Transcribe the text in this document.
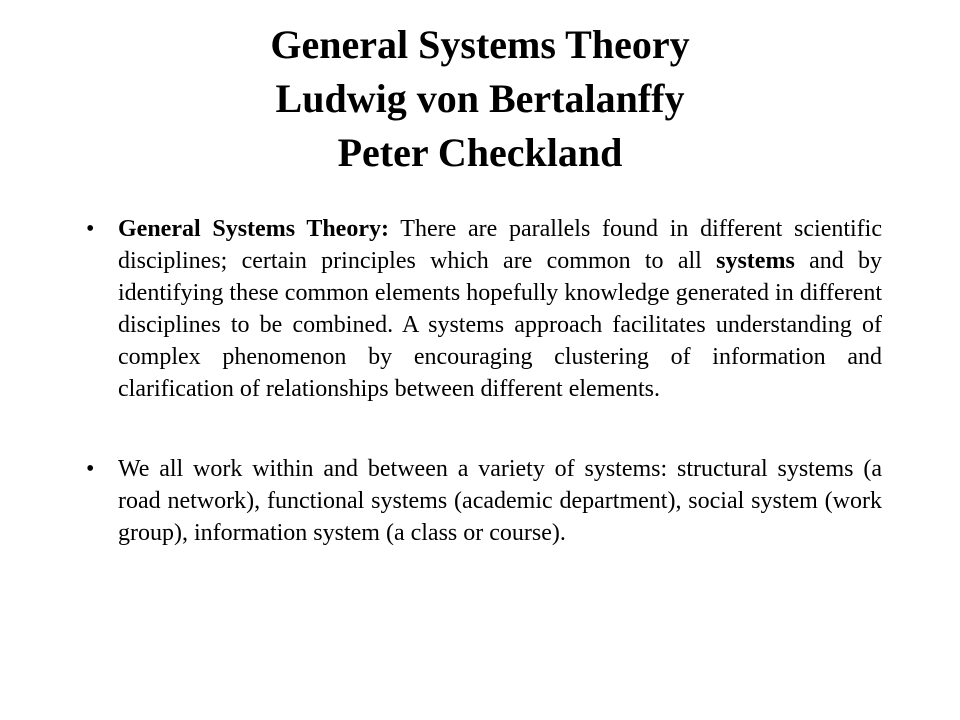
General Systems Theory
Ludwig von Bertalanffy
Peter Checkland
• General Systems Theory: There are parallels found in different scientific disciplines; certain principles which are common to all systems and by identifying these common elements hopefully knowledge generated in different disciplines to be combined. A systems approach facilitates understanding of complex phenomenon by encouraging clustering of information and clarification of relationships between different elements.
• We all work within and between a variety of systems: structural systems (a road network), functional systems (academic department), social system (work group), information system (a class or course).
